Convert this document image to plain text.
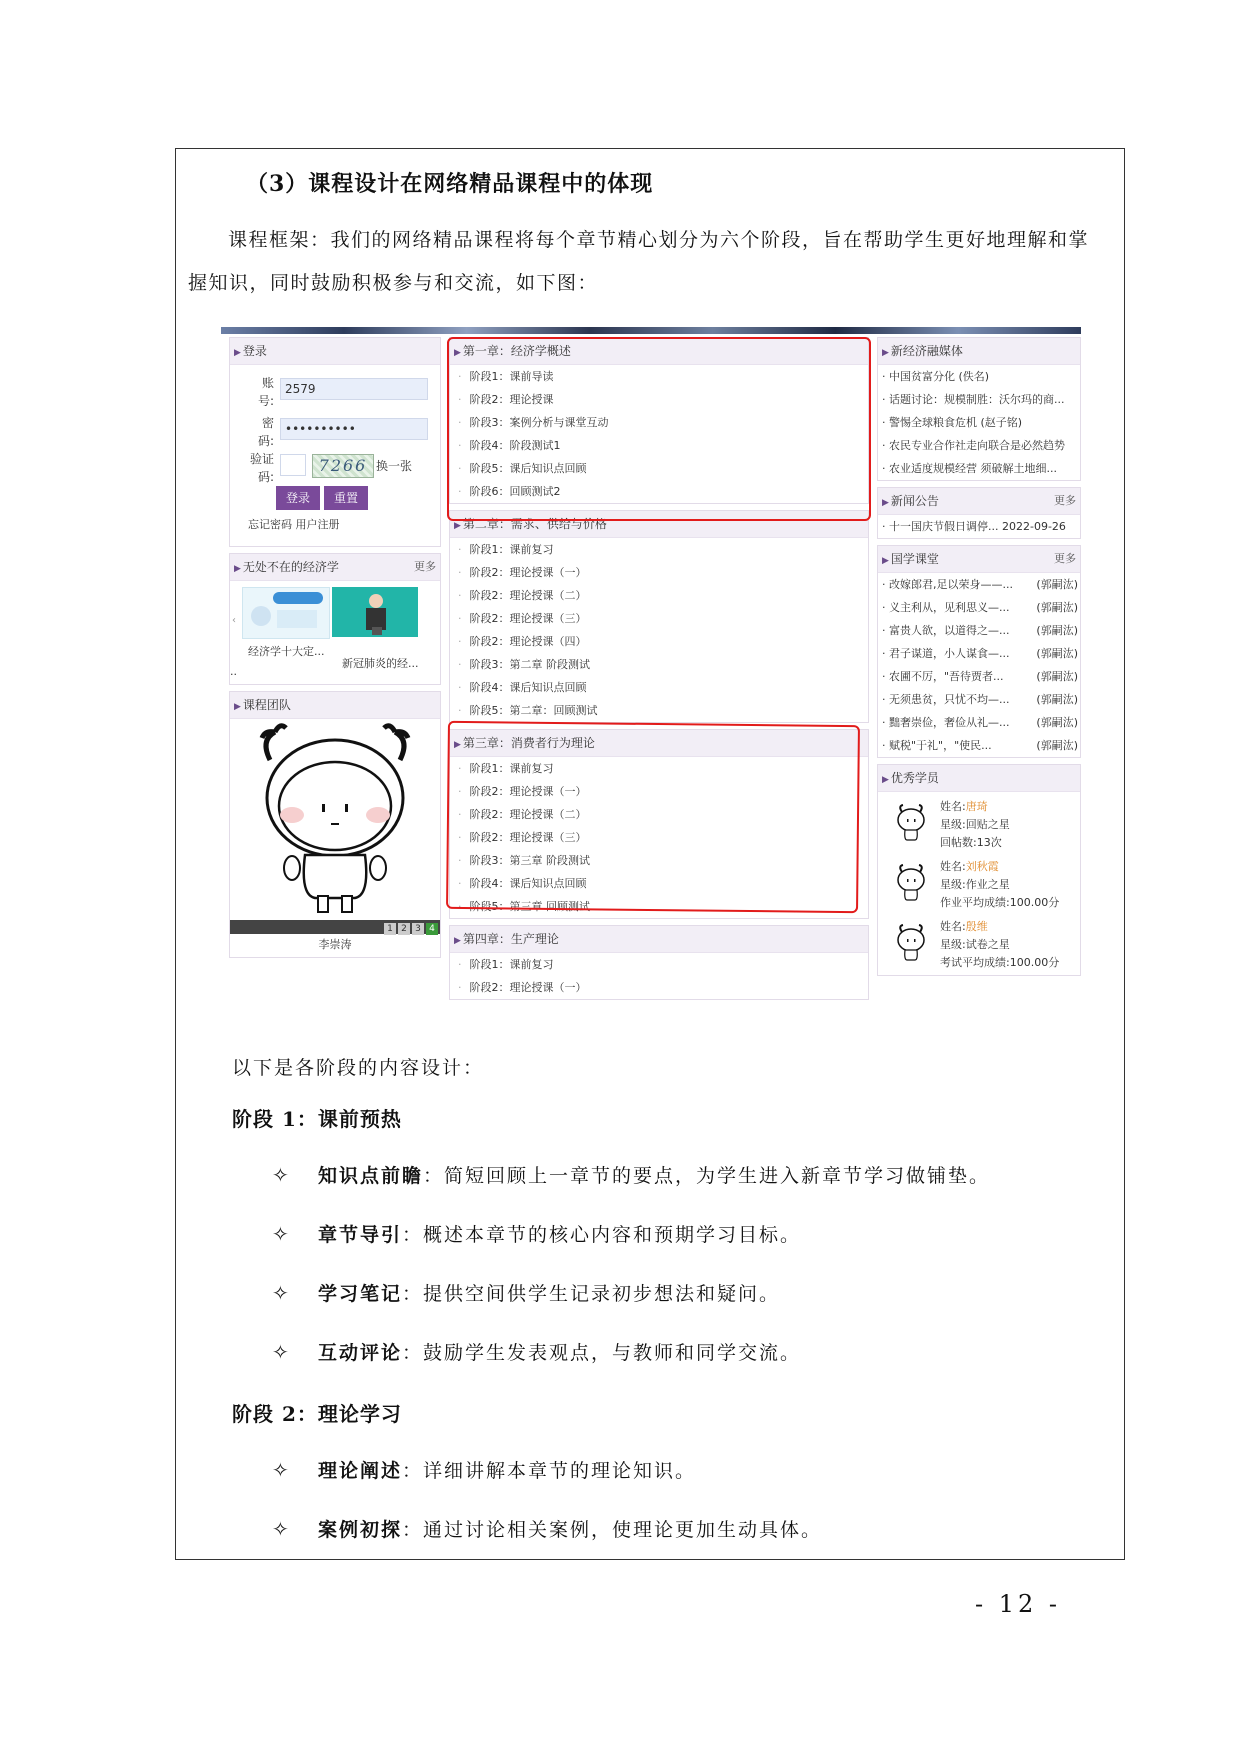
（3）课程设计在网络精品课程中的体现
课程框架：我们的网络精品课程将每个章节精心划分为六个阶段，旨在帮助学生更好地理解和掌握知识，同时鼓励积极参与和交流，如下图：
▶ 登录
账号:
2579
密码:
••••••••••
验证码:
7266 换一张
登录	重置
忘记密码 用户注册
▶ 无处不在的经济学	更多
‹
经济学十大定...
新冠肺炎的经...
..
▶ 课程团队
1 2 3 4
李崇涛
▶ 第一章：经济学概述
· 阶段1：课前导读
· 阶段2：理论授课
· 阶段3：案例分析与课堂互动
· 阶段4：阶段测试1
· 阶段5：课后知识点回顾
· 阶段6：回顾测试2
▶ 第二章：需求、供给与价格
· 阶段1：课前复习
· 阶段2：理论授课（一）
· 阶段2：理论授课（二）
· 阶段2：理论授课（三）
· 阶段2：理论授课（四）
· 阶段3：第二章 阶段测试
· 阶段4：课后知识点回顾
· 阶段5：第二章：回顾测试
▶ 第三章：消费者行为理论
· 阶段1：课前复习
· 阶段2：理论授课（一）
· 阶段2：理论授课（二）
· 阶段2：理论授课（三）
· 阶段3：第三章 阶段测试
· 阶段4：课后知识点回顾
· 阶段5：第三章 回顾测试
▶ 第四章：生产理论
· 阶段1：课前复习
· 阶段2：理论授课（一）
▶ 新经济融媒体
· 中国贫富分化 (佚名)
· 话题讨论：规模制胜：沃尔玛的商...
· 警惕全球粮食危机 (赵子铭)
· 农民专业合作社走向联合是必然趋势
· 农业适度规模经营 须破解土地细...
▶ 新闻公告	更多
· 十一国庆节假日调停... 2022-09-26
▶ 国学课堂	更多
· 改嫁郎君,足以荣身——... (郭嗣汯)
· 义主利从，见利思义—... (郭嗣汯)
· 富贵人欲，以道得之—... (郭嗣汯)
· 君子谋道，小人谋食—... (郭嗣汯)
· 农圃不厉，"吾待贾者...	(郭嗣汯)
· 无须患贫，只忧不均—... (郭嗣汯)
· 黜奢崇俭，奢俭从礼—... (郭嗣汯)
· 赋税"于礼"，"使民...	(郭嗣汯)
▶ 优秀学员
姓名:唐琦
星级:回贴之星
回帖数:13次
姓名:刘秋霞
星级:作业之星
作业平均成绩:100.00分
姓名:殷维
星级:试卷之星
考试平均成绩:100.00分
以下是各阶段的内容设计：
阶段 1：课前预热
✧ 知识点前瞻：简短回顾上一章节的要点，为学生进入新章节学习做铺垫。
✧ 章节导引：概述本章节的核心内容和预期学习目标。
✧ 学习笔记：提供空间供学生记录初步想法和疑问。
✧ 互动评论：鼓励学生发表观点，与教师和同学交流。
阶段 2：理论学习
✧ 理论阐述：详细讲解本章节的理论知识。
✧ 案例初探：通过讨论相关案例，使理论更加生动具体。
- 12 -
